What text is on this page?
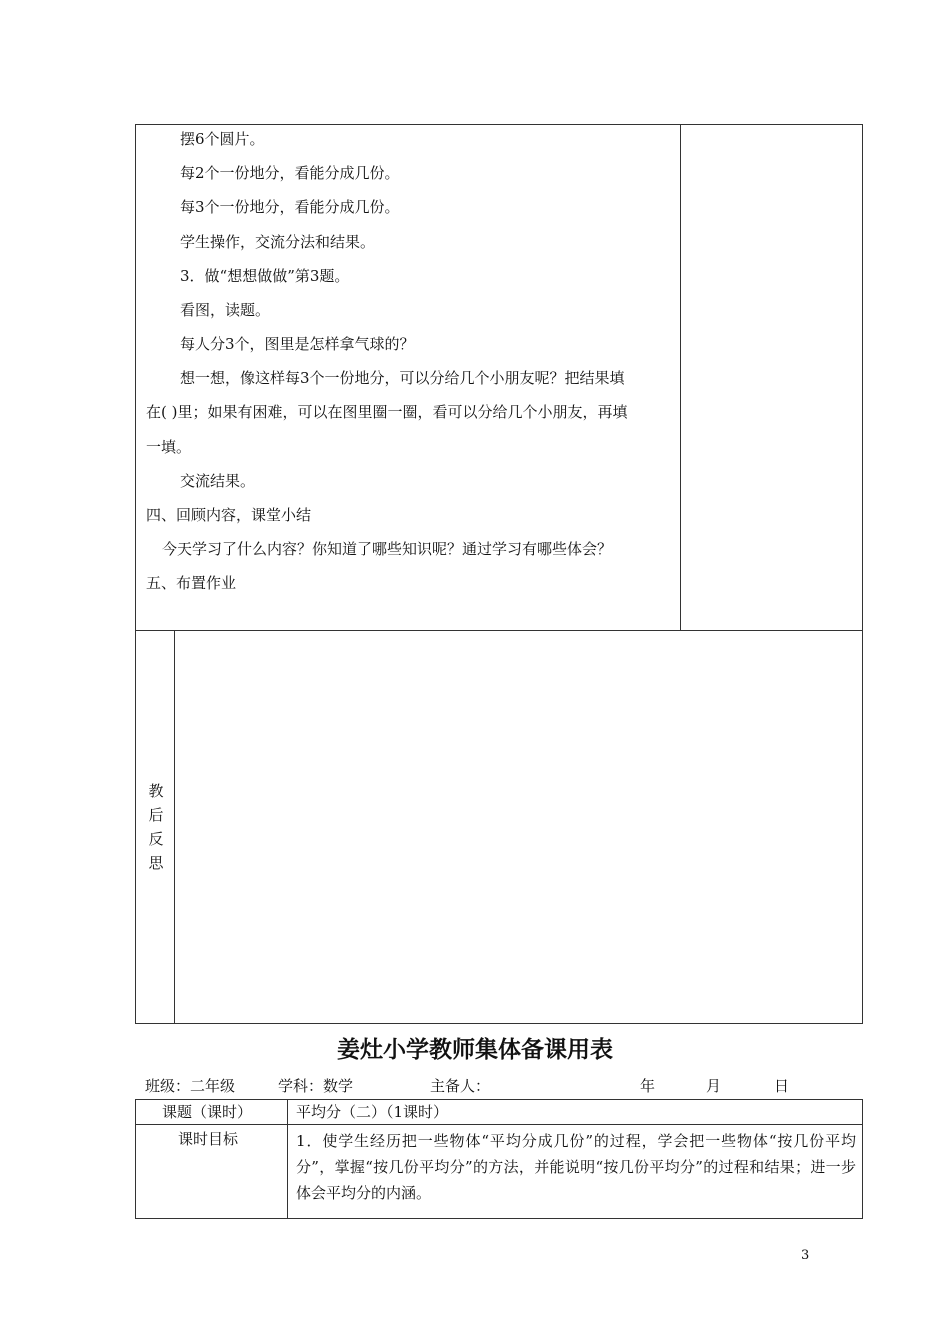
摆6个圆片。
每2个一份地分，看能分成几份。
每3个一份地分，看能分成几份。
学生操作，交流分法和结果。
3．做“想想做做”第3题。
看图，读题。
每人分3个，图里是怎样拿气球的？
想一想，像这样每3个一份地分，可以分给几个小朋友呢？把结果填
在( )里；如果有困难，可以在图里圈一圈，看可以分给几个小朋友，再填
一填。
交流结果。
四、回顾内容，课堂小结
今天学习了什么内容？你知道了哪些知识呢？通过学习有哪些体会？
五、布置作业
教
后
反
思
姜灶小学教师集体备课用表
班级：二年级	学科：数学	主备人：	年	月	日
课题（课时）	平均分（二）（1课时）
课时目标	1．使学生经历把一些物体“平均分成几份”的过程，学会把一些物体“按几份平均分”，掌握“按几份平均分”的方法，并能说明“按几份平均分”的过程和结果；进一步体会平均分的内涵。
3
